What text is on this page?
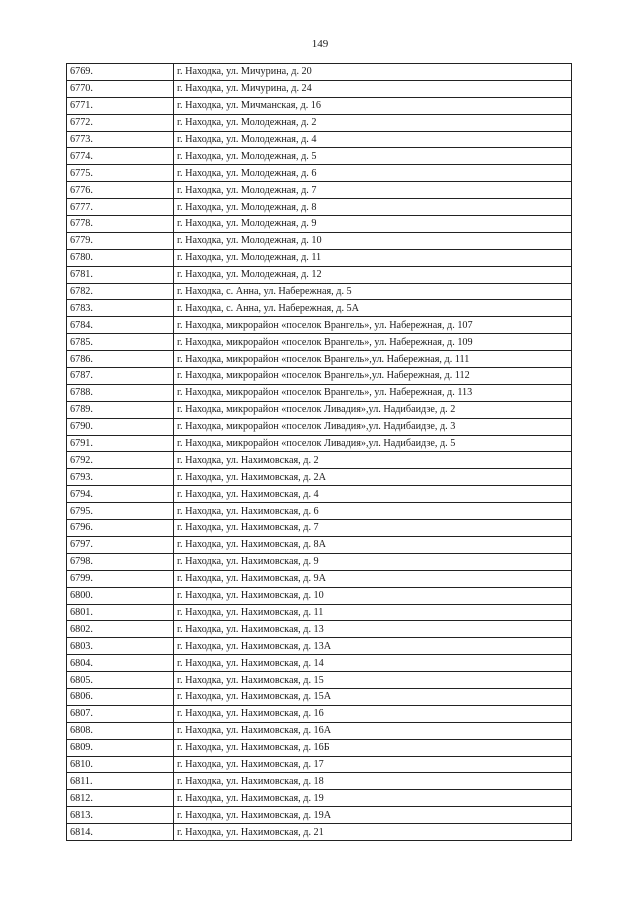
149
6769.	г. Находка, ул. Мичурина, д. 20
6770.	г. Находка, ул. Мичурина, д. 24
6771.	г. Находка, ул. Мичманская, д. 16
6772.	г. Находка, ул. Молодежная, д. 2
6773.	г. Находка, ул. Молодежная, д. 4
6774.	г. Находка, ул. Молодежная, д. 5
6775.	г. Находка, ул. Молодежная, д. 6
6776.	г. Находка, ул. Молодежная, д. 7
6777.	г. Находка, ул. Молодежная, д. 8
6778.	г. Находка, ул. Молодежная, д. 9
6779.	г. Находка, ул. Молодежная, д. 10
6780.	г. Находка, ул. Молодежная, д. 11
6781.	г. Находка, ул. Молодежная, д. 12
6782.	г. Находка, с. Анна, ул. Набережная, д. 5
6783.	г. Находка, с. Анна, ул. Набережная, д. 5А
6784.	г. Находка, микрорайон «поселок Врангель», ул. Набережная, д. 107
6785.	г. Находка, микрорайон «поселок Врангель», ул. Набережная, д. 109
6786.	г. Находка, микрорайон «поселок Врангель»,ул. Набережная, д. 111
6787.	г. Находка, микрорайон «поселок Врангель»,ул. Набережная, д. 112
6788.	г. Находка, микрорайон «поселок Врангель», ул. Набережная, д. 113
6789.	г. Находка, микрорайон «поселок Ливадия»,ул. Надибаидзе, д. 2
6790.	г. Находка, микрорайон «поселок Ливадия»,ул. Надибаидзе, д. 3
6791.	г. Находка, микрорайон «поселок Ливадия»,ул. Надибаидзе, д. 5
6792.	г. Находка, ул. Нахимовская, д. 2
6793.	г. Находка, ул. Нахимовская, д. 2А
6794.	г. Находка, ул. Нахимовская, д. 4
6795.	г. Находка, ул. Нахимовская, д. 6
6796.	г. Находка, ул. Нахимовская, д. 7
6797.	г. Находка, ул. Нахимовская, д. 8А
6798.	г. Находка, ул. Нахимовская, д. 9
6799.	г. Находка, ул. Нахимовская, д. 9А
6800.	г. Находка, ул. Нахимовская, д. 10
6801.	г. Находка, ул. Нахимовская, д. 11
6802.	г. Находка, ул. Нахимовская, д. 13
6803.	г. Находка, ул. Нахимовская, д. 13А
6804.	г. Находка, ул. Нахимовская, д. 14
6805.	г. Находка, ул. Нахимовская, д. 15
6806.	г. Находка, ул. Нахимовская, д. 15А
6807.	г. Находка, ул. Нахимовская, д. 16
6808.	г. Находка, ул. Нахимовская, д. 16А
6809.	г. Находка, ул. Нахимовская, д. 16Б
6810.	г. Находка, ул. Нахимовская, д. 17
6811.	г. Находка, ул. Нахимовская, д. 18
6812.	г. Находка, ул. Нахимовская, д. 19
6813.	г. Находка, ул. Нахимовская, д. 19А
6814.	г. Находка, ул. Нахимовская, д. 21
